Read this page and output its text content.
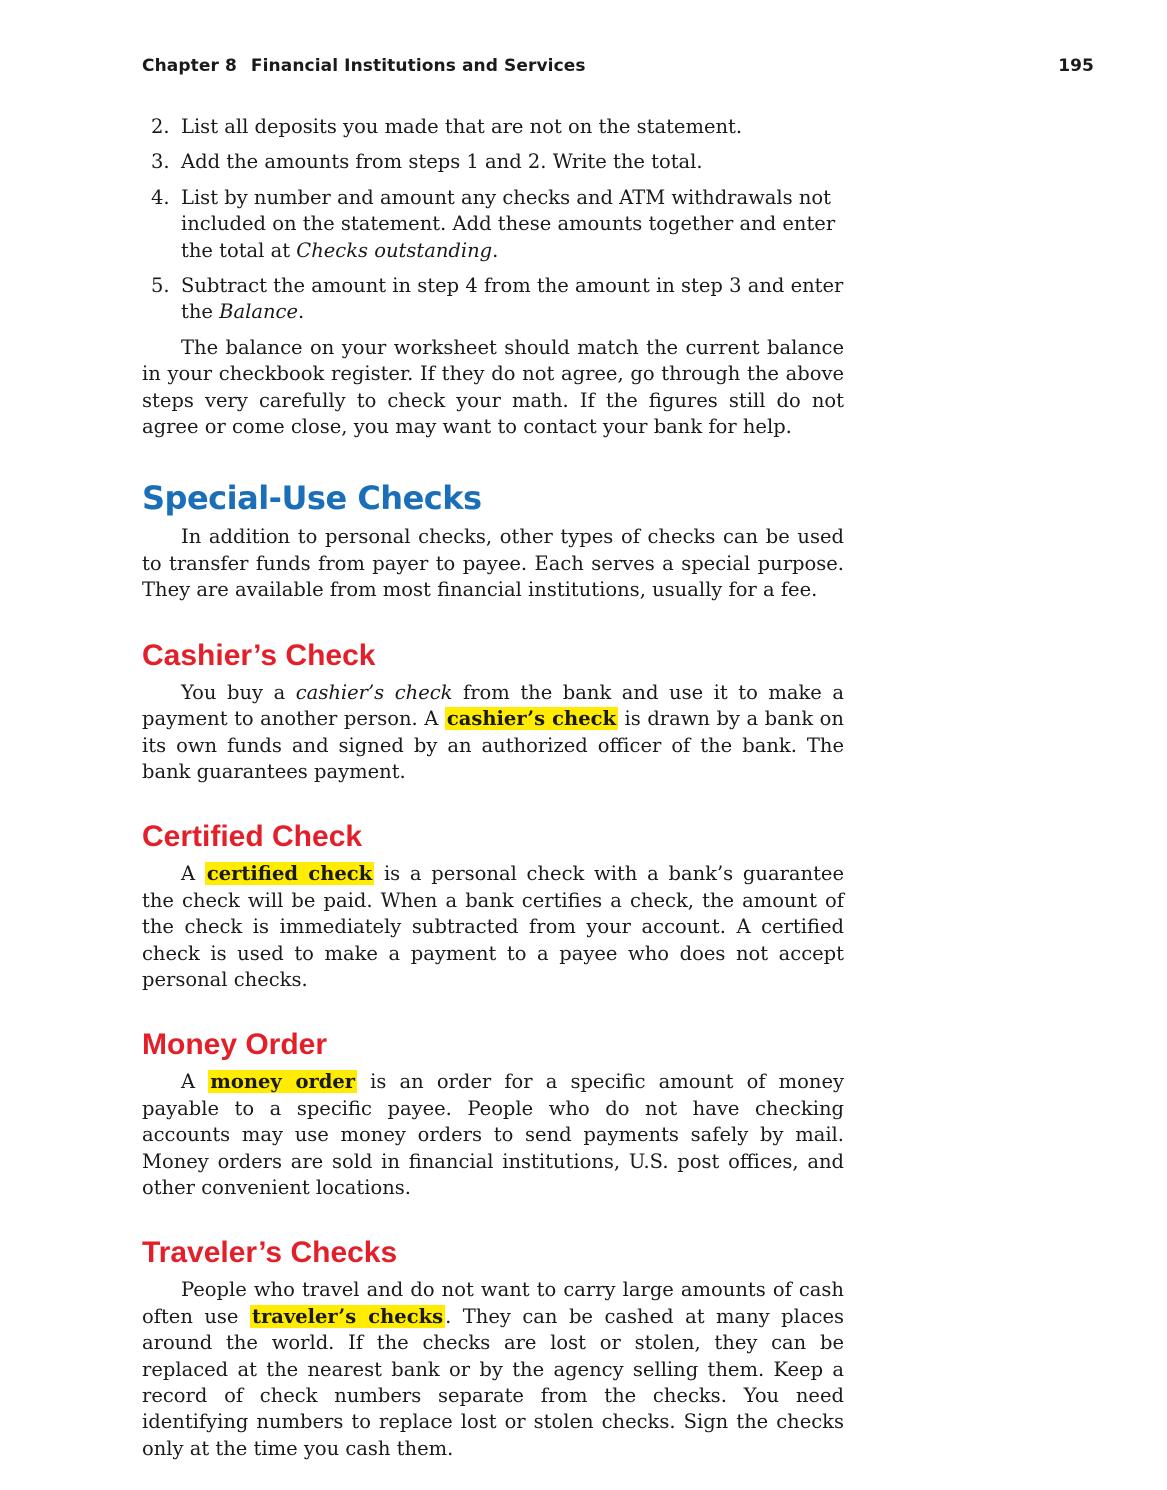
Chapter 8 Financial Institutions and Services	195
2. List all deposits you made that are not on the statement.
3. Add the amounts from steps 1 and 2. Write the total.
4. List by number and amount any checks and ATM withdrawals not included on the statement. Add these amounts together and enter the total at Checks outstanding.
5. Subtract the amount in step 4 from the amount in step 3 and enter the Balance.

The balance on your worksheet should match the current balance in your checkbook register. If they do not agree, go through the above steps very carefully to check your math. If the figures still do not agree or come close, you may want to contact your bank for help.

Special-Use Checks

In addition to personal checks, other types of checks can be used to transfer funds from payer to payee. Each serves a special purpose. They are available from most financial institutions, usually for a fee.

Cashier’s Check

You buy a cashier’s check from the bank and use it to make a payment to another person. A cashier’s check is drawn by a bank on its own funds and signed by an authorized officer of the bank. The bank guarantees payment.

Certified Check

A certified check is a personal check with a bank’s guarantee the check will be paid. When a bank certifies a check, the amount of the check is immediately subtracted from your account. A certified check is used to make a payment to a payee who does not accept personal checks.

Money Order

A money order is an order for a specific amount of money payable to a specific payee. People who do not have checking accounts may use money orders to send payments safely by mail. Money orders are sold in financial institutions, U.S. post offices, and other convenient locations.

Traveler’s Checks

People who travel and do not want to carry large amounts of cash often use traveler’s checks . They can be cashed at many places around the world. If the checks are lost or stolen, they can be replaced at the nearest bank or by the agency selling them. Keep a record of check numbers separate from the checks. You need identifying numbers to replace lost or stolen checks. Sign the checks only at the time you cash them.
